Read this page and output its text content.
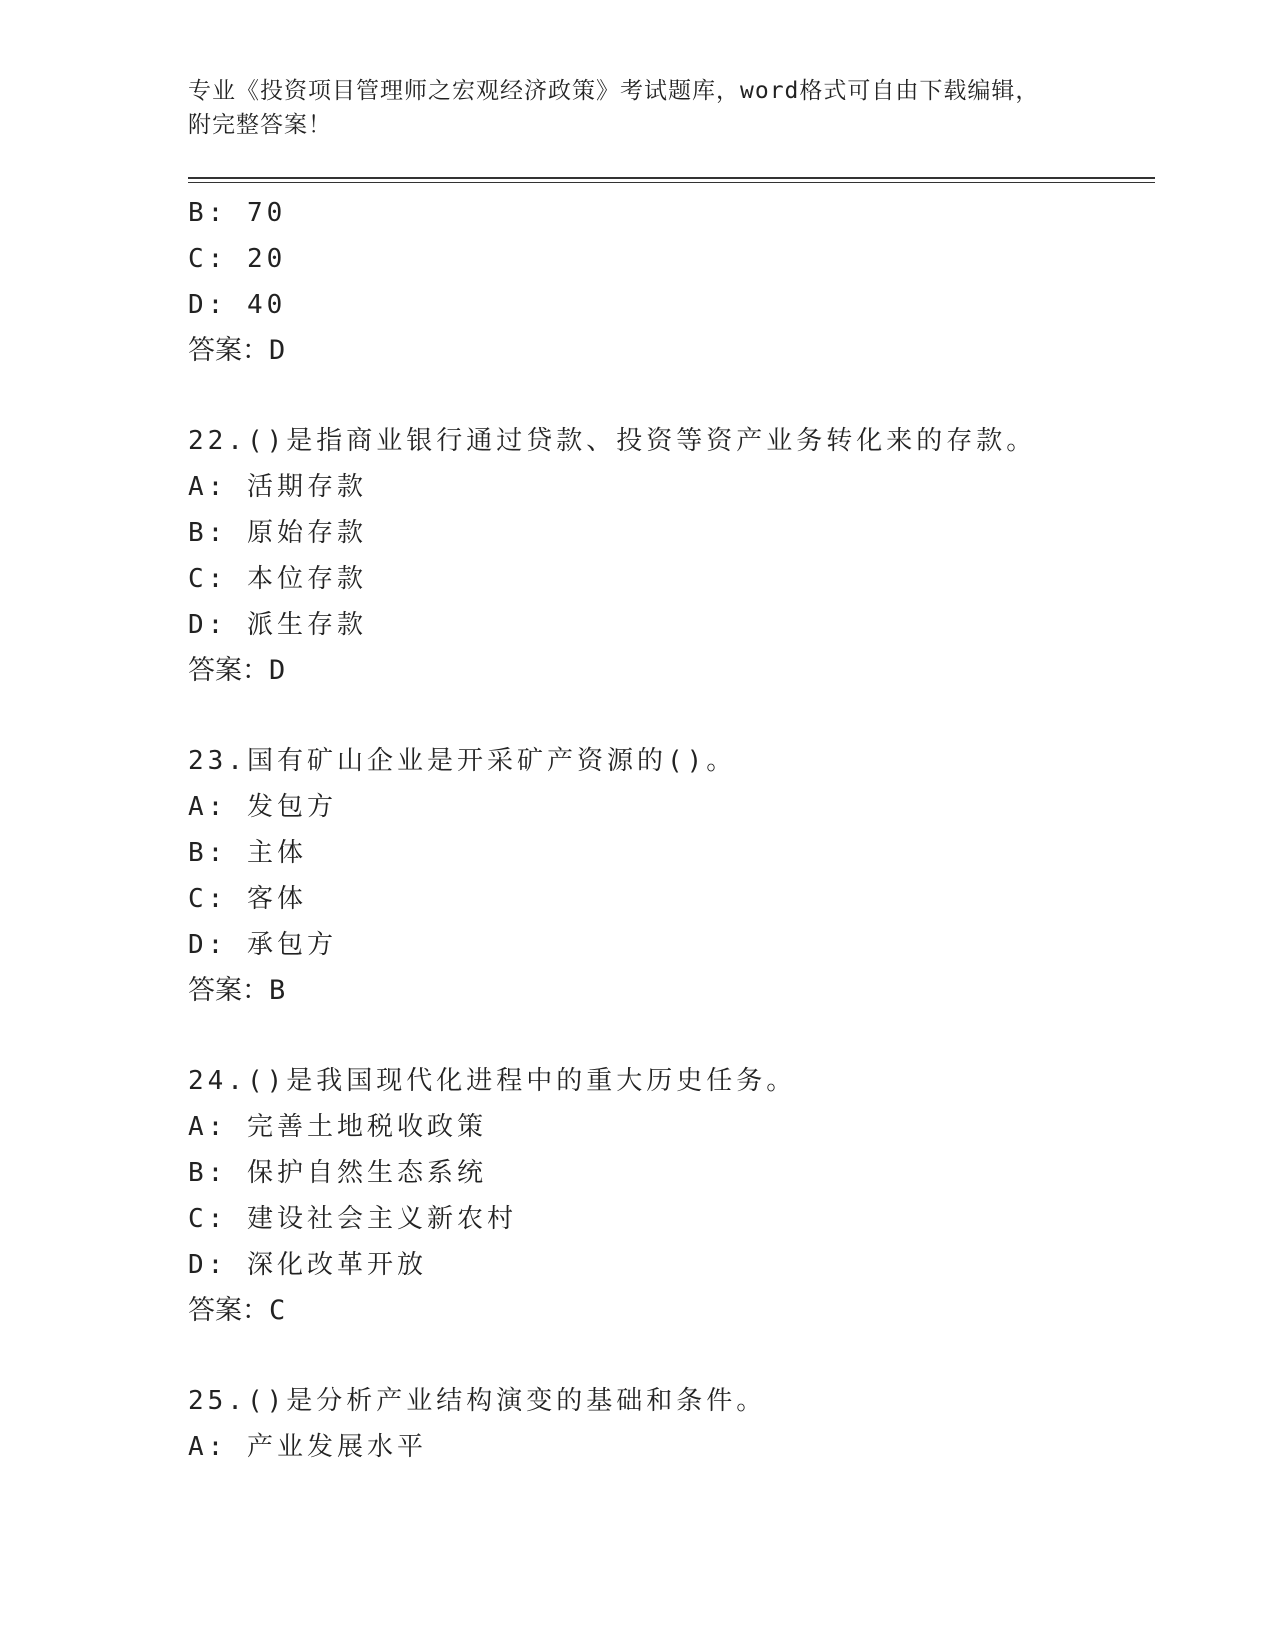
专业《投资项目管理师之宏观经济政策》考试题库，word格式可自由下载编辑，
附完整答案！
B: 70
C: 20
D: 40
答案：D
22.()是指商业银行通过贷款、投资等资产业务转化来的存款。
A: 活期存款
B: 原始存款
C: 本位存款
D: 派生存款
答案：D
23.国有矿山企业是开采矿产资源的()。
A: 发包方
B: 主体
C: 客体
D: 承包方
答案：B
24.()是我国现代化进程中的重大历史任务。
A: 完善土地税收政策
B: 保护自然生态系统
C: 建设社会主义新农村
D: 深化改革开放
答案：C
25.()是分析产业结构演变的基础和条件。
A: 产业发展水平
